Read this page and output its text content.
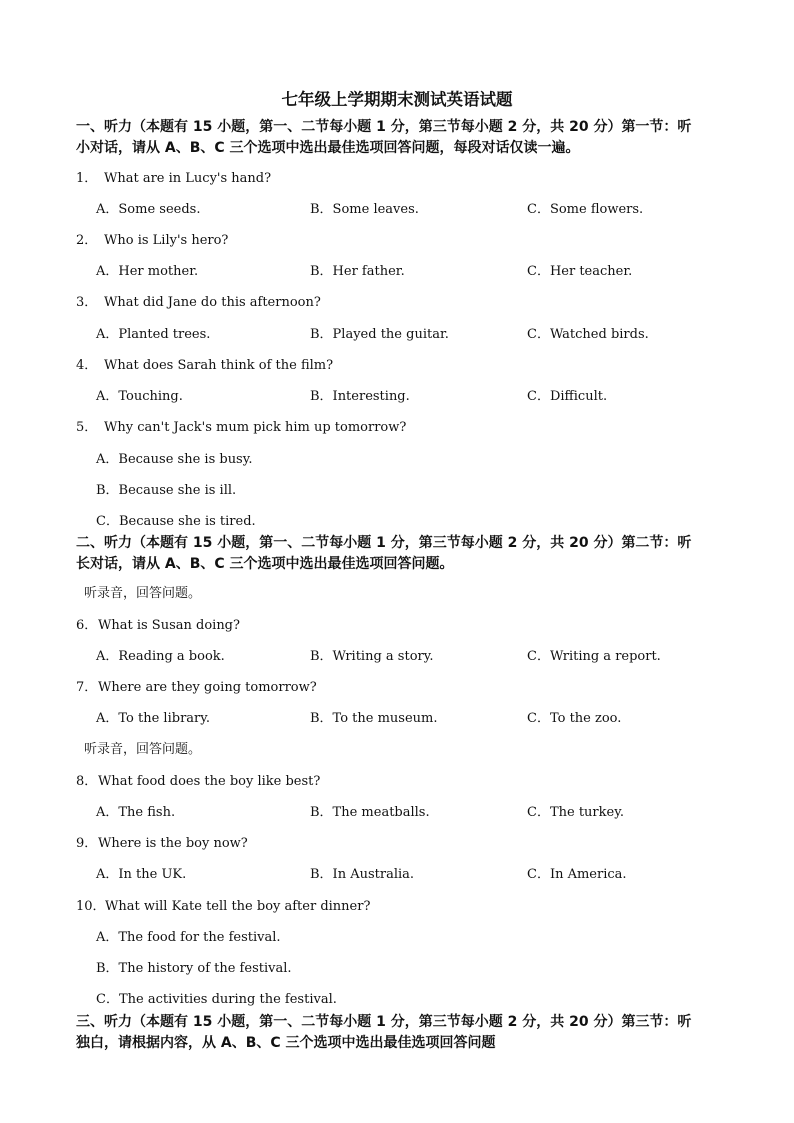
七年级上学期期末测试英语试题
一、听力（本题有 15 小题，第一、二节每小题 1 分，第三节每小题 2 分，共 20 分）第一节：听
小对话，请从 A、B、C 三个选项中选出最佳选项回答问题，每段对话仅读一遍。
1． What are in Lucy's hand?
A．Some seeds.	B．Some leaves.	C．Some flowers.
2． Who is Lily's hero?
A．Her mother.	B．Her father.	C．Her teacher.
3． What did Jane do this afternoon?
A．Planted trees.	B．Played the guitar.	C．Watched birds.
4． What does Sarah think of the film?
A．Touching.	B．Interesting.	C．Difficult.
5． Why can't Jack's mum pick him up tomorrow?
A．Because she is busy.
B．Because she is ill.
C．Because she is tired.
二、听力（本题有 15 小题，第一、二节每小题 1 分，第三节每小题 2 分，共 20 分）第二节：听
长对话，请从 A、B、C 三个选项中选出最佳选项回答问题。
听录音，回答问题。
6．What is Susan doing?
A．Reading a book.	B．Writing a story.	C．Writing a report.
7．Where are they going tomorrow?
A．To the library.	B．To the museum.	C．To the zoo.
听录音，回答问题。
8．What food does the boy like best?
A．The fish.	B．The meatballs.	C．The turkey.
9．Where is the boy now?
A．In the UK.	B．In Australia.	C．In America.
10．What will Kate tell the boy after dinner?
A．The food for the festival.
B．The history of the festival.
C．The activities during the festival.
三、听力（本题有 15 小题，第一、二节每小题 1 分，第三节每小题 2 分，共 20 分）第三节：听
独白，请根据内容，从 A、B、C 三个选项中选出最佳选项回答问题
